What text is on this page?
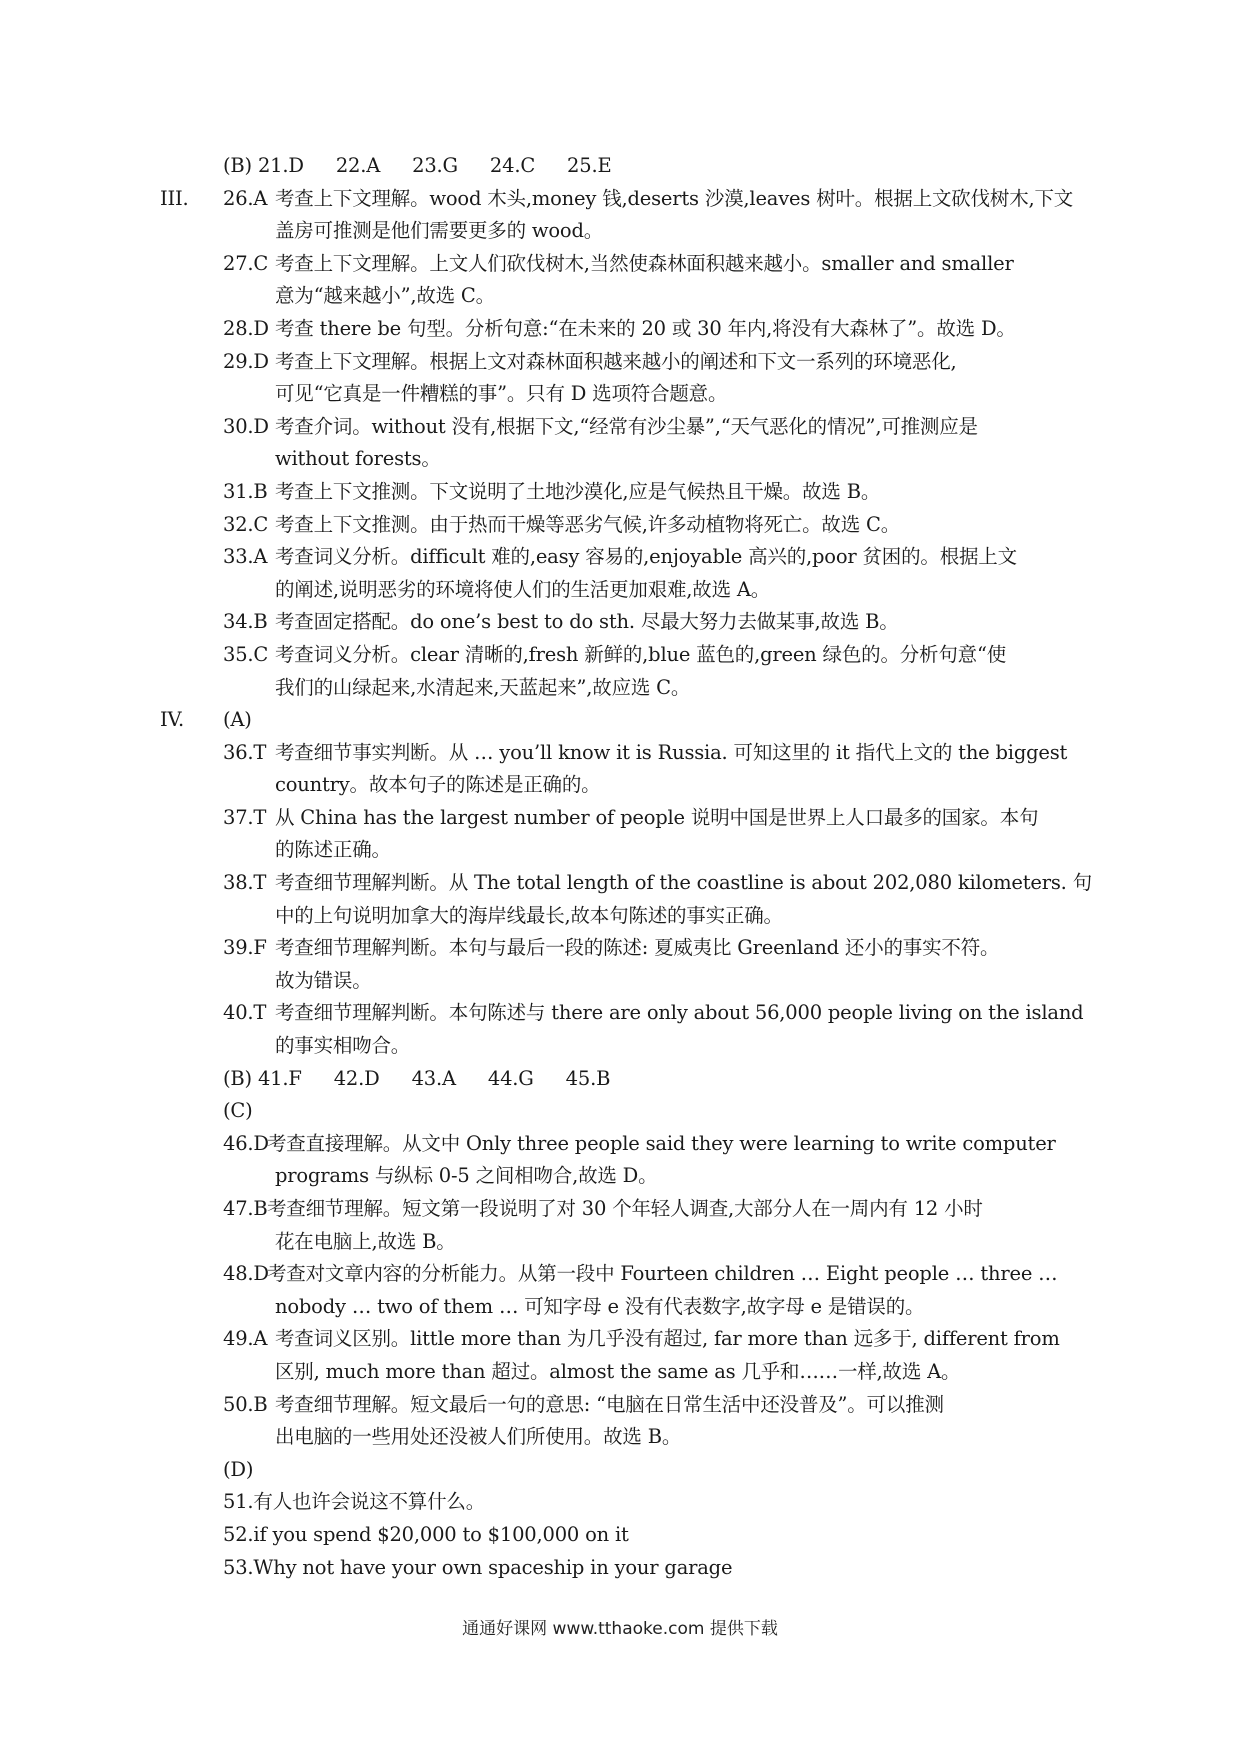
(B) 21.D 22.A 23.G 24.C 25.E
III. 26.A 考查上下文理解。wood 木头,money 钱,deserts 沙漠,leaves 树叶。根据上文砍伐树木,下文盖房可推测是他们需要更多的 wood。
27.C 考查上下文理解。上文人们砍伐树木,当然使森林面积越来越小。smaller and smaller
意为“越来越小”,故选 C。
28.D 考查 there be 句型。分析句意:“在未来的 20 或 30 年内,将没有大森林了”。故选 D。
29.D 考查上下文理解。根据上文对森林面积越来越小的阐述和下文一系列的环境恶化,
可见“它真是一件糟糕的事”。只有 D 选项符合题意。
30.D 考查介词。without 没有,根据下文,“经常有沙尘暴”,“天气恶化的情况”,可推测应是
without forests。
31.B 考查上下文推测。下文说明了土地沙漠化,应是气候热且干燥。故选 B。
32.C 考查上下文推测。由于热而干燥等恶劣气候,许多动植物将死亡。故选 C。
33.A 考查词义分析。difficult 难的,easy 容易的,enjoyable 高兴的,poor 贫困的。根据上文
的阐述,说明恶劣的环境将使人们的生活更加艰难,故选 A。
34.B 考查固定搭配。do one’s best to do sth. 尽最大努力去做某事,故选 B。
35.C 考查词义分析。clear 清晰的,fresh 新鲜的,blue 蓝色的,green 绿色的。分析句意“使
我们的山绿起来,水清起来,天蓝起来”,故应选 C。
IV. (A)
36.T 考查细节事实判断。从 … you’ll know it is Russia. 可知这里的 it 指代上文的 the biggest
country。故本句子的陈述是正确的。
37.T 从 China has the largest number of people 说明中国是世界上人口最多的国家。本句
的陈述正确。
38.T 考查细节理解判断。从 The total length of the coastline is about 202,080 kilometers. 句
中的上句说明加拿大的海岸线最长,故本句陈述的事实正确。
39.F 考查细节理解判断。本句与最后一段的陈述: 夏威夷比 Greenland 还小的事实不符。
故为错误。
40.T 考查细节理解判断。本句陈述与 there are only about 56,000 people living on the island
的事实相吻合。
(B) 41.F 42.D 43.A 44.G 45.B
(C)
46.D
考查直接理解。从文中 Only three people said they were learning to write computer
programs 与纵标 0-5 之间相吻合,故选 D。
47.B 考查细节理解。短文第一段说明了对 30 个年轻人调查,大部分人在一周内有 12 小时
花在电脑上,故选 B。
48.D
考查对文章内容的分析能力。从第一段中 Fourteen children … Eight people … three …
nobody … two of them … 可知字母 e 没有代表数字,故字母 e 是错误的。
49.A 考查词义区别。little more than 为几乎没有超过, far more than 远多于, different from
区别, much more than 超过。almost the same as 几乎和……一样,故选 A。
50.B 考查细节理解。短文最后一句的意思: “电脑在日常生活中还没普及”。可以推测
出电脑的一些用处还没被人们所使用。故选 B。
(D)
51.有人也许会说这不算什么。
52.if you spend $20,000 to $100,000 on it
53.Why not have your own spaceship in your garage
通通好课网 www.tthaoke.com 提供下载
